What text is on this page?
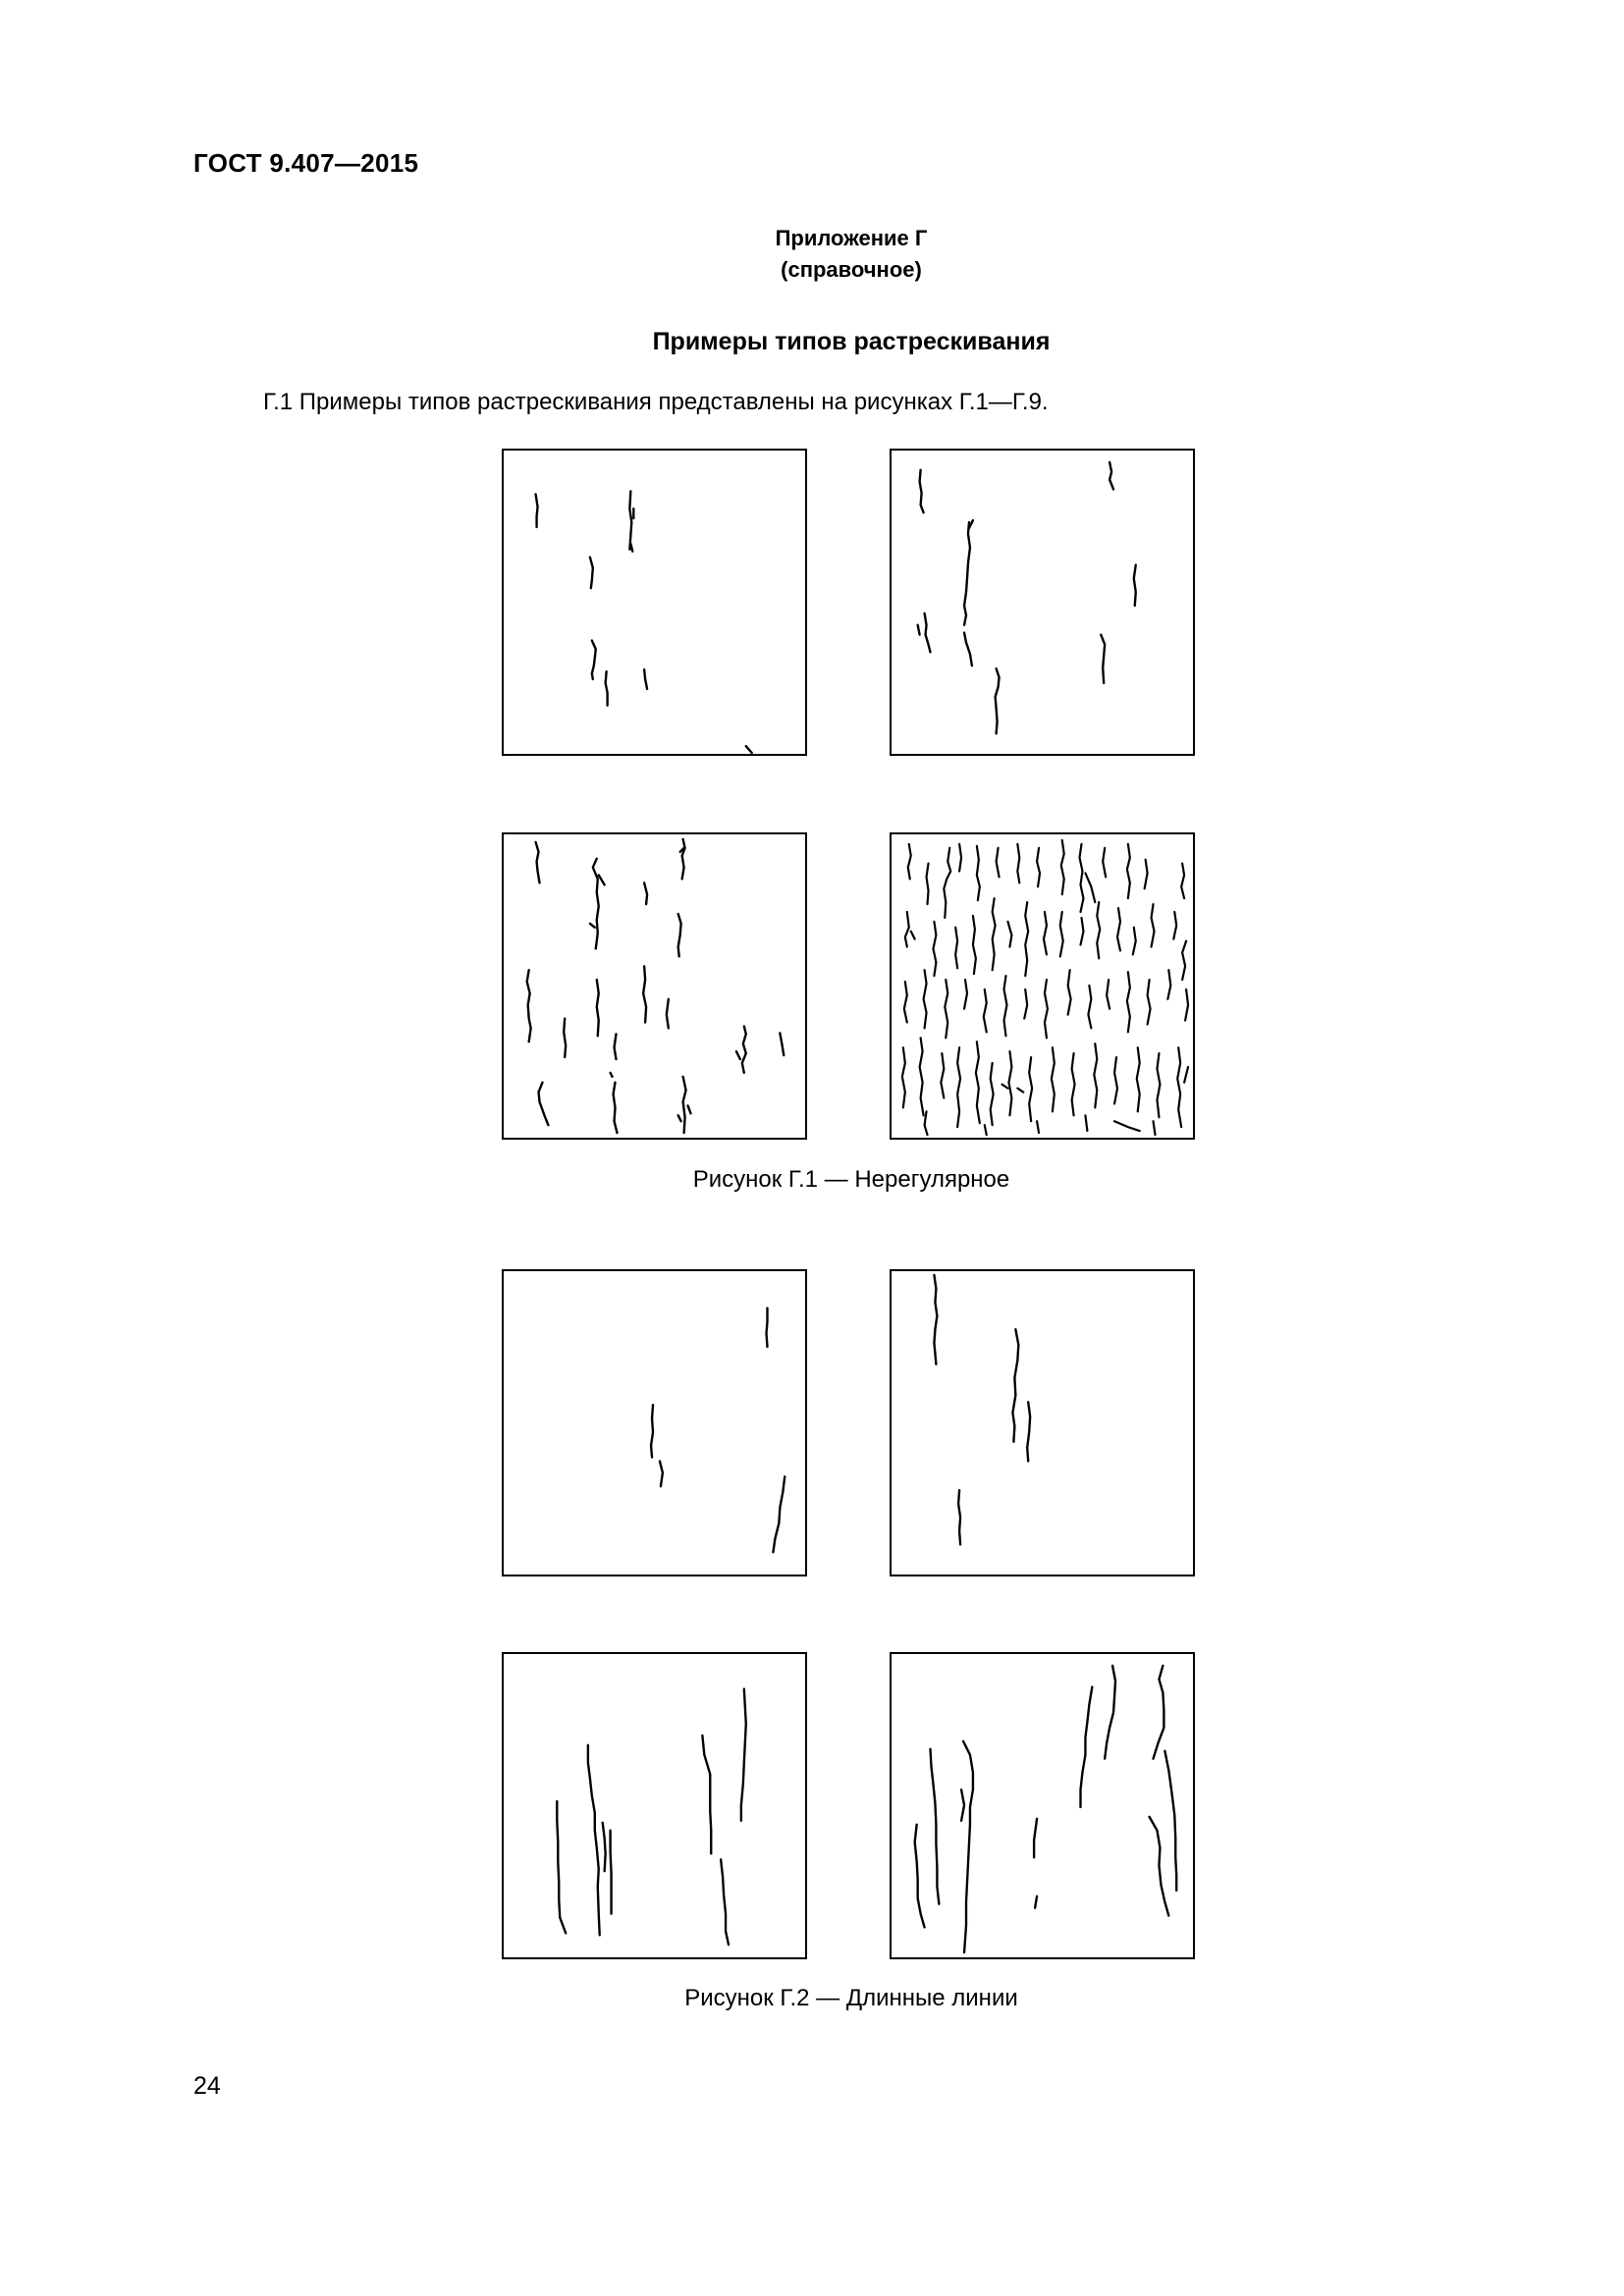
ГОСТ 9.407—2015
Приложение Г
(справочное)
Примеры типов растрескивания
Г.1 Примеры типов растрескивания представлены на рисунках Г.1—Г.9.
Рисунок Г.1 — Нерегулярное
Рисунок Г.2 — Длинные линии
24
